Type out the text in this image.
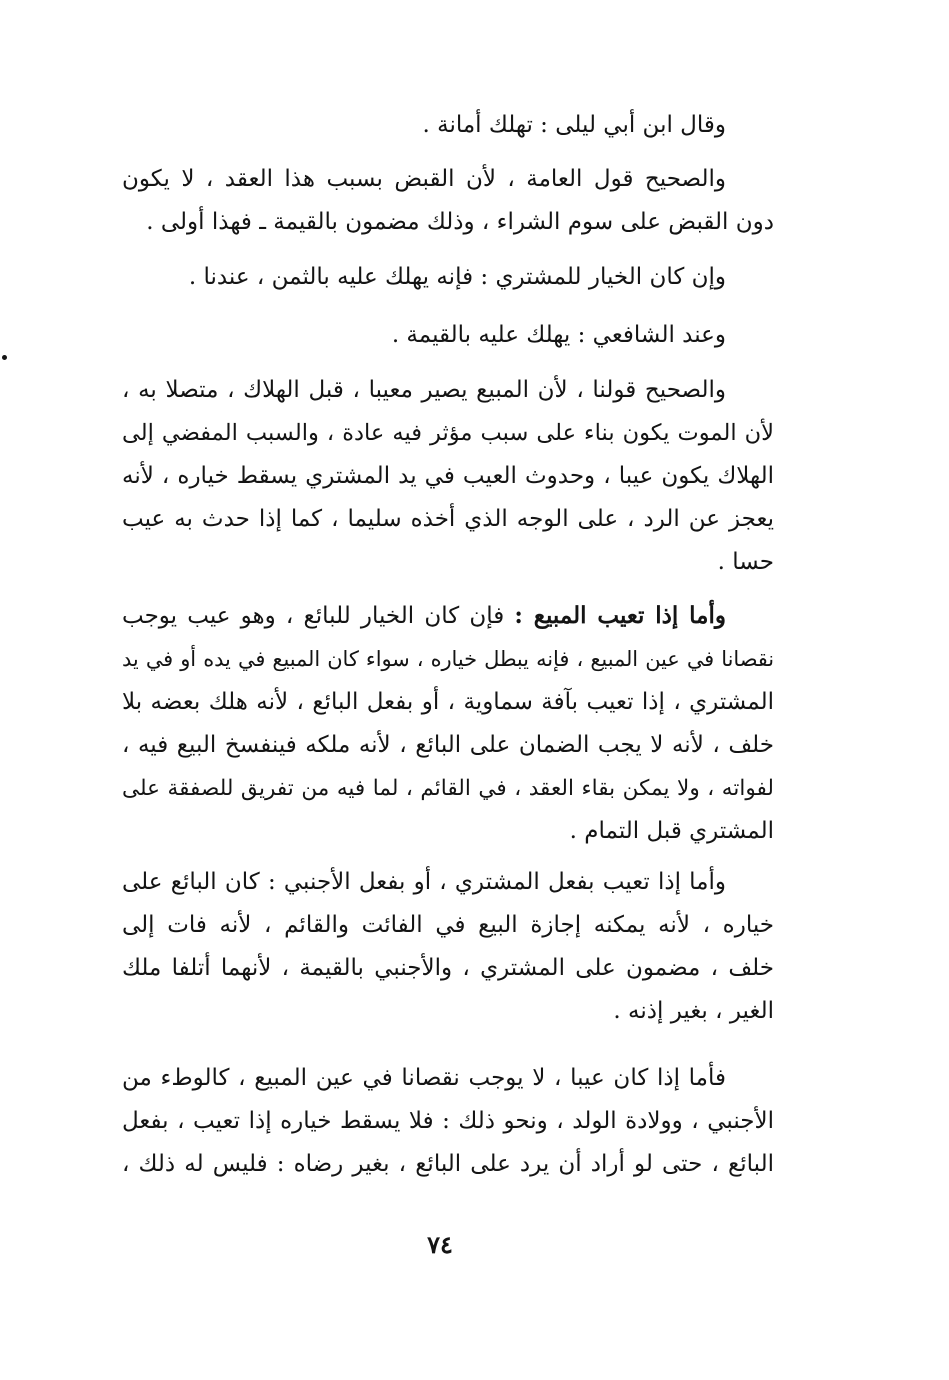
وقال ابن أبي ليلى : تهلك أمانة .
والصحيح قول العامة ، لأن القبض بسبب هذا العقد ، لا يكون
دون القبض على سوم الشراء ، وذلك مضمون بالقيمة ـ فهذا أولى .
وإن كان الخيار للمشتري : فإنه يهلك عليه بالثمن ، عندنا .
وعند الشافعي : يهلك عليه بالقيمة .
والصحيح قولنا ، لأن المبيع يصير معيبا ، قبل الهلاك ، متصلا به ،
لأن الموت يكون بناء على سبب مؤثر فيه عادة ، والسبب المفضي إلى
الهلاك يكون عيبا ، وحدوث العيب في يد المشتري يسقط خياره ، لأنه
يعجز عن الرد ، على الوجه الذي أخذه سليما ، كما إذا حدث به عيب
حسا .
وأما إذا تعيب المبيع : فإن كان الخيار للبائع ، وهو عيب يوجب
نقصانا في عين المبيع ، فإنه يبطل خياره ، سواء كان المبيع في يده أو في يد
المشتري ، إذا تعيب بآفة سماوية ، أو بفعل البائع ، لأنه هلك بعضه بلا
خلف ، لأنه لا يجب الضمان على البائع ، لأنه ملكه فينفسخ البيع فيه ،
لفواته ، ولا يمكن بقاء العقد ، في القائم ، لما فيه من تفريق للصفقة على
المشتري قبل التمام .
وأما إذا تعيب بفعل المشتري ، أو بفعل الأجنبي : كان البائع على
خياره ، لأنه يمكنه إجازة البيع في الفائت والقائم ، لأنه فات إلى
خلف ، مضمون على المشتري ، والأجنبي بالقيمة ، لأنهما أتلفا ملك
الغير ، بغير إذنه .
فأما إذا كان عيبا ، لا يوجب نقصانا في عين المبيع ، كالوطء من
الأجنبي ، وولادة الولد ، ونحو ذلك : فلا يسقط خياره إذا تعيب ، بفعل
البائع ، حتى لو أراد أن يرد على البائع ، بغير رضاه : فليس له ذلك ،
٧٤
